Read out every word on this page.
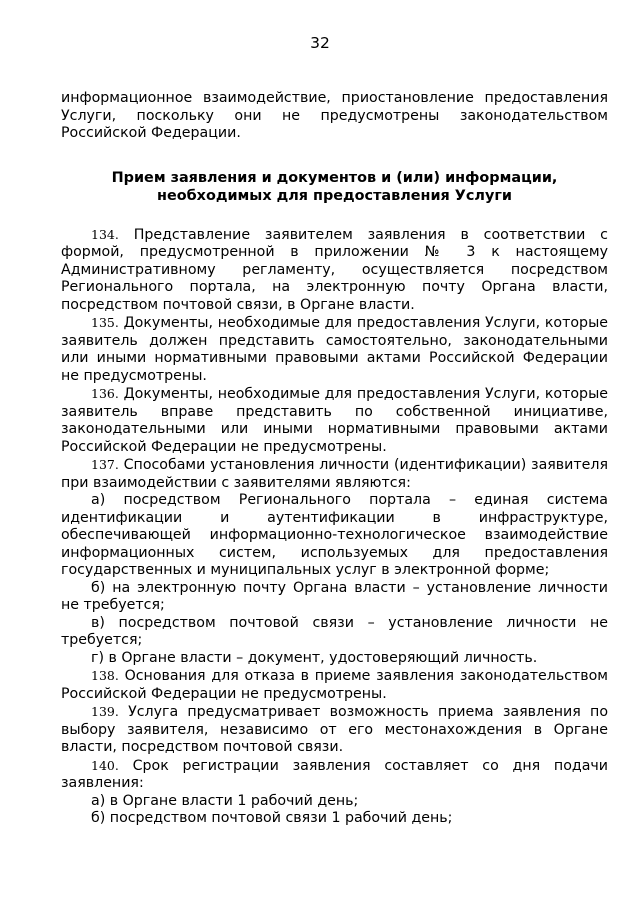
32

информационное взаимодействие, приостановление предоставления Услуги, поскольку они не предусмотрены законодательством Российской Федерации.

Прием заявления и документов и (или) информации,
необходимых для предоставления Услуги

134. Представление заявителем заявления в соответствии с формой, предусмотренной в приложении № 3 к настоящему Административному регламенту, осуществляется посредством Регионального портала, на электронную почту Органа власти, посредством почтовой связи, в Органе власти.

135. Документы, необходимые для предоставления Услуги, которые заявитель должен представить самостоятельно, законодательными или иными нормативными правовыми актами Российской Федерации не предусмотрены.

136. Документы, необходимые для предоставления Услуги, которые заявитель вправе представить по собственной инициативе, законодательными или иными нормативными правовыми актами Российской Федерации не предусмотрены.

137. Способами установления личности (идентификации) заявителя при взаимодействии с заявителями являются:

а) посредством Регионального портала – единая система идентификации и аутентификации в инфраструктуре, обеспечивающей информационно-технологическое взаимодействие информационных систем, используемых для предоставления государственных и муниципальных услуг в электронной форме;

б) на электронную почту Органа власти – установление личности не требуется;

в) посредством почтовой связи – установление личности не требуется;

г) в Органе власти – документ, удостоверяющий личность.

138. Основания для отказа в приеме заявления законодательством Российской Федерации не предусмотрены.

139. Услуга предусматривает возможность приема заявления по выбору заявителя, независимо от его местонахождения в Органе власти, посредством почтовой связи.

140. Срок регистрации заявления составляет со дня подачи заявления:

а) в Органе власти 1 рабочий день;

б) посредством почтовой связи 1 рабочий день;
